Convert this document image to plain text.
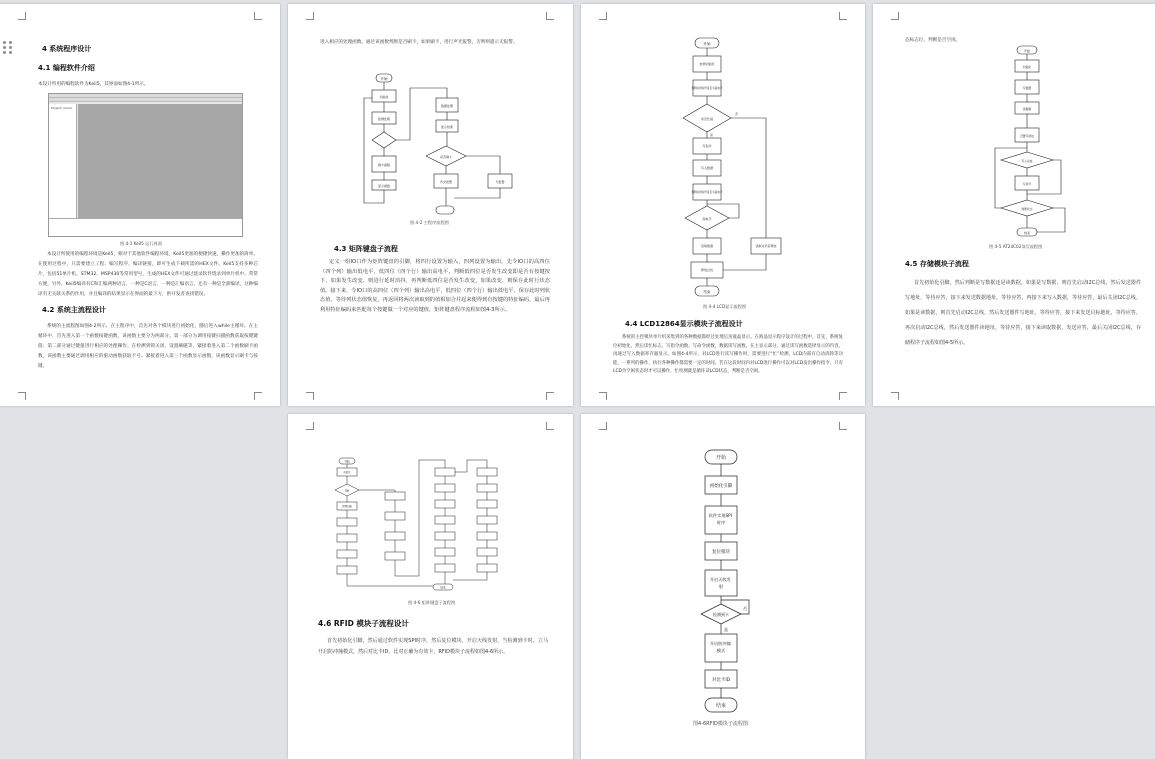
4 系统程序设计
4.1 编程软件介绍
本设计所用的编程软件为Keil5，其界面如图4-1所示。
Project: mirror
图 4-1 Keil5 运行界面
本设计所使用的编程环境是Keil5，相对于其他软件编程环境，Keil5更加的便捷快速，操作更加的简单。在使用过程中，只需要建立工程、编写程序、编译链接，即可生成下载所需的HEX文件。Keil5支持多种芯片，包括51单片机、STM32、MSP430等常用型号，生成的HEX文件可通过烧录软件烧录到单片机中。常常方便，另外，Keil5编译有C和汇编两种语言，一种是C语言，一种是汇编语言，还有一种是全部编译，这种编译有无关联关系的作用，并且编译的结果显示在界面的最下方，供开发者查找错误。
4.2 系统主流程设计
系统的主流程图如图4-2所示。在主程序中，首先对各个模块进行初始化，随后进入while主循环。在主循环中，首先进入第一个函数按键函数，该函数主要分为两部分。第一部分为调用按键扫描函数获取按键键值；第二部分通过键值进行相应的处理操作。在检测到锁关闭、设置刷磁等，紧接着进入第二个函数刷卡函数，该函数主要通过调用相应的驱动函数获取卡号。紧接着进入第三个函数显示函数，该函数显示刷卡与按键。
进入相应的处理函数。通过该函数判断是否刷卡，如果刷卡，进行声光报警，否则则提示无报警。
开始
初始化
按键处理
刷卡函数
显示函数
数据处理
显示结果
是否刷卡
声光报警	无报警
图 4-2 主程序流程图
4.3 矩阵键盘子流程
定义一组IO口作为矩阵键盘的引脚，将四行设置为输入，四列设置为输出。先令IO口的高四位（四个列）输出低电平，低四位（四个行）输出高电平，判断低四位是否发生改变即是否有按键按下，如果发生改变，则进行延时消抖，再判断低四位是否发生改变，如果改变，则保存此时行状态值。接下来，令IO口的高四位（四个列）输出高电平，低四位（四个行）输出低电平，保存此时列状态值，等待列状态值恢复，再返回将两次读取到的值相加合并起来便得到有按键的特征编码，最后再利用特征编码来匹配每个按键做一个对应的键值，矩阵键盘程序流程如图4-3所示。
开始
电源初始化
判断时钟信号是否为高电平
是否忙碌
写指令
写入数据
判断时钟信号是否为高电平
高电平
读取数据	读取完毕后释放
释放总线
结束
否
是
图 4-4 LCD显示流程图
4.4 LCD12864显示模块子流程设计
系统的主控模块单片机采集到的各种数据都经过处理后送液晶显示。在液晶显示程序设计的过程中，首先，系统复位初始化，然后读忙标志，写指令函数、写命令函数，数据读写函数。在主显示部分，通过读写函数选择显示的内容，再通过写入数据寄存器显示。如图4-4所示，对LCD进行读写操作时，需要进行“忙”检测，LCD内部有自动清除等功能，一系列的操作，执行各种操作都需要一定的时间。若在这段时间内对LCD进行操作可以对LCD发出操作指令，只有LCD为空闲状态时才可以操作，忙检测就是循环读LCD状态，判断是否空闲。
态标志位，判断是否空闲。
开始
初始化
写数据
读数据
设置写地址
写入完成
写命令
判断状态
结束
图 4-5 AT24C02读写流程图
4.5 存储模块子流程
首先初始化引脚，然后判断是写数据还是读数据，如果是写数据，则首先启动I2C总线，然后发送器件写地址，等待应答，接下来发送数据地址，等待应答，再接下来写入数据，等待应答，最后关闭I2C总线。如果是读数据，则首先启动I2C总线，然后发送器件写地址，等待应答，接下来发送目标地址，等待应答，再次启动I2C总线，然后发送器件读地址，等待应答，接下来读取数据，发送应答，最后关闭I2C总线，存储程序子流程如图4-5所示。
开始
初始化
判断
按键扫描
结束
图 4-6 矩阵键盘子流程图
4.6 RFID 模块子流程设计
首先初始化引脚，然后通过软件实现SPI时序，然后复位模块，开启天线发射，当检测到卡时，立马开启防冲撞模式，然后对比卡ID，比对正确为有效卡，RFID模块子流程如图4-6所示。
开始
初始化引脚
软件实现SPI 时序
复位模块
开启天线发 射
检测到卡
否
是
开启防冲撞 模式
对比卡ID
结束
图4-6RFID模块子流程图
